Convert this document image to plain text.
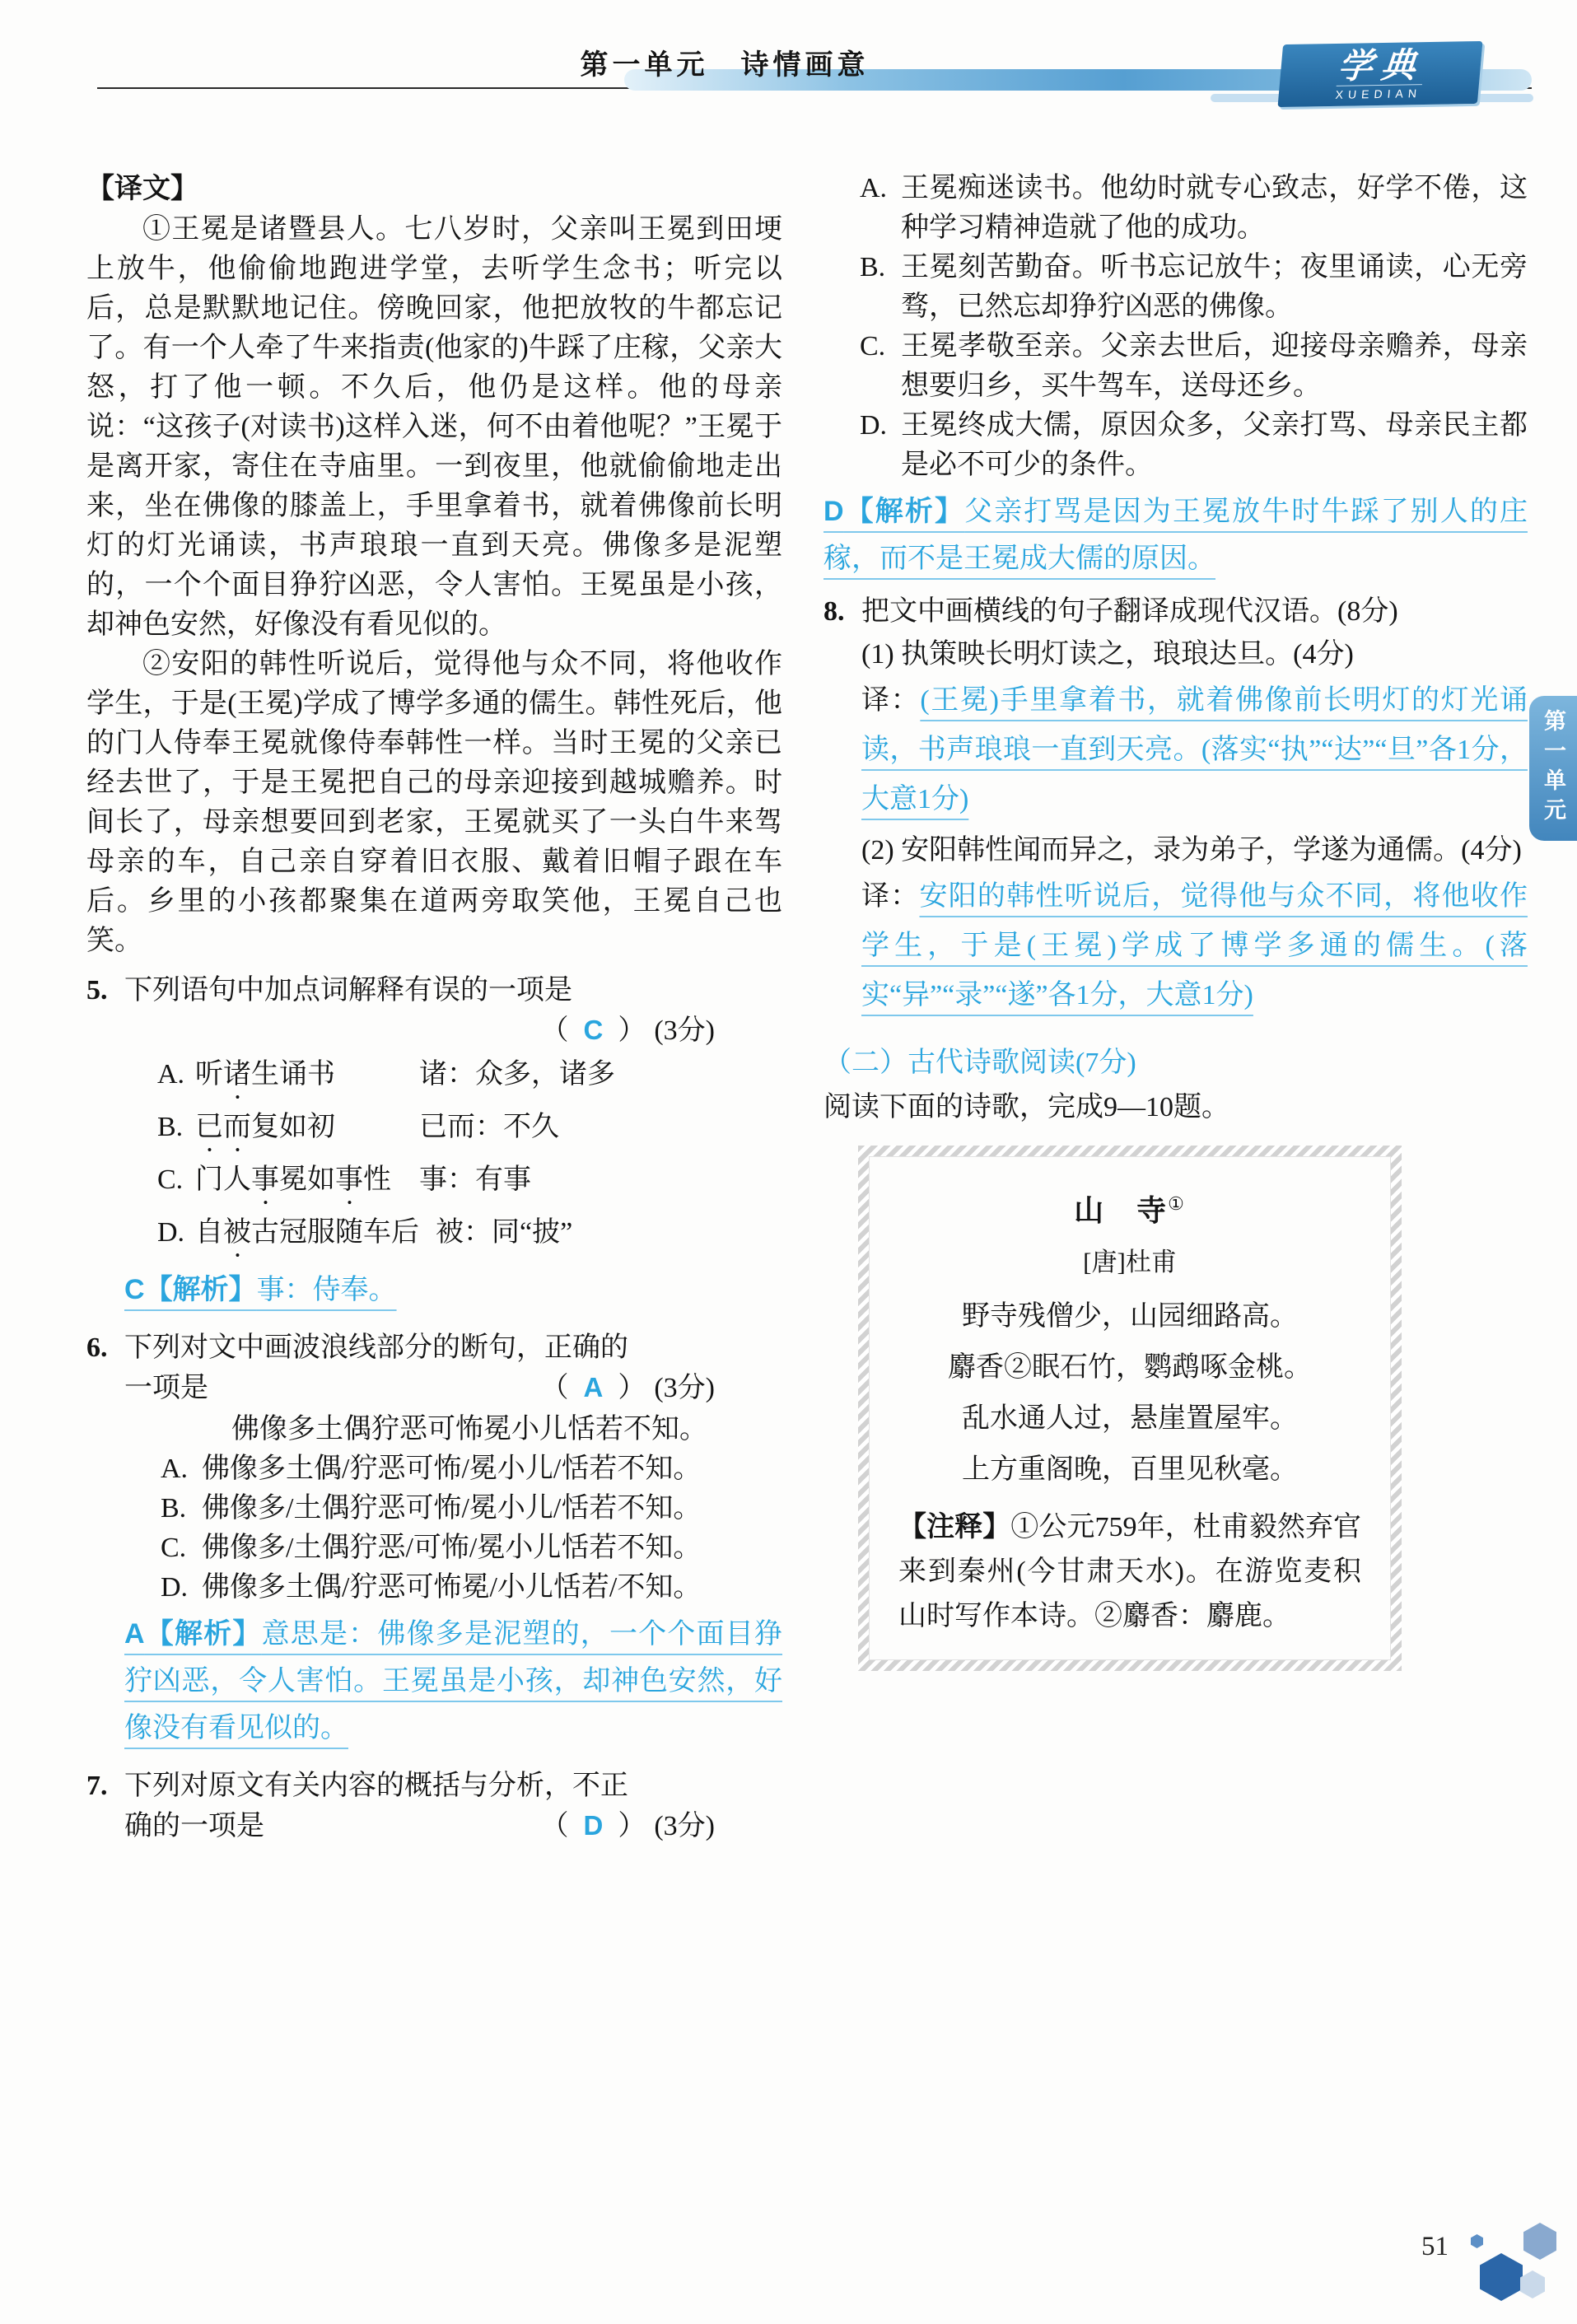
第一单元　诗情画意	学典
XUEDIAN
第一单元
【译文】

①王冕是诸暨县人。七八岁时，父亲叫王冕到田埂上放牛，他偷偷地跑进学堂，去听学生念书；听完以后，总是默默地记住。傍晚回家，他把放牧的牛都忘记了。有一个人牵了牛来指责(他家的)牛踩了庄稼，父亲大怒，打了他一顿。不久后，他仍是这样。他的母亲说：“这孩子(对读书)这样入迷，何不由着他呢？”王冕于是离开家，寄住在寺庙里。一到夜里，他就偷偷地走出来，坐在佛像的膝盖上，手里拿着书，就着佛像前长明灯的灯光诵读，书声琅琅一直到天亮。佛像多是泥塑的，一个个面目狰狞凶恶，令人害怕。王冕虽是小孩，却神色安然，好像没有看见似的。

②安阳的韩性听说后，觉得他与众不同，将他收作学生，于是(王冕)学成了博学多通的儒生。韩性死后，他的门人侍奉王冕就像侍奉韩性一样。当时王冕的父亲已经去世了，于是王冕把自己的母亲迎接到越城赡养。时间长了，母亲想要回到老家，王冕就买了一头白牛来驾母亲的车，自己亲自穿着旧衣服、戴着旧帽子跟在车后。乡里的小孩都聚集在道两旁取笑他，王冕自己也笑。

5. 下列语句中加点词解释有误的一项是
（ C ） (3分)
A. 听诸生诵书	诸：众多，诸多
B. 已而复如初	已而：不久
C. 门人事冕如事性	事：有事
D. 自被古冠服随车后 被：同“披”
C【解析】事：侍奉。
6. 下列对文中画波浪线部分的断句，正确的
一项是	（ A ） (3分)
佛像多土偶狞恶可怖冕小儿恬若不知。
A. 佛像多土偶/狞恶可怖/冕小儿/恬若不知。
B. 佛像多/土偶狞恶可怖/冕小儿/恬若不知。
C. 佛像多/土偶狞恶/可怖/冕小儿恬若不知。
D. 佛像多土偶/狞恶可怖冕/小儿恬若/不知。
A【解析】意思是：佛像多是泥塑的，一个个面目狰狞凶恶，令人害怕。王冕虽是小孩，却神色安然，好像没有看见似的。
7. 下列对原文有关内容的概括与分析，不正
确的一项是	（ D ） (3分)
A. 王冕痴迷读书。他幼时就专心致志，好学不倦，这种学习精神造就了他的成功。
B. 王冕刻苦勤奋。听书忘记放牛；夜里诵读，心无旁骛，已然忘却狰狞凶恶的佛像。
C. 王冕孝敬至亲。父亲去世后，迎接母亲赡养，母亲想要归乡，买牛驾车，送母还乡。
D. 王冕终成大儒，原因众多，父亲打骂、母亲民主都是必不可少的条件。
D【解析】父亲打骂是因为王冕放牛时牛踩了别人的庄稼，而不是王冕成大儒的原因。
8. 把文中画横线的句子翻译成现代汉语。(8分)
(1) 执策映长明灯读之，琅琅达旦。(4分)
译：(王冕)手里拿着书，就着佛像前长明灯的灯光诵读，书声琅琅一直到天亮。(落实“执”“达”“旦”各1分，大意1分)
(2) 安阳韩性闻而异之，录为弟子，学遂为通儒。(4分)
译：安阳的韩性听说后，觉得他与众不同，将他收作学生，于是(王冕)学成了博学多通的儒生。(落实“异”“录”“遂”各1分，大意1分)
（二）古代诗歌阅读(7分)
阅读下面的诗歌，完成9—10题。
山　寺①
[唐]杜甫
野寺残僧少，山园细路高。
麝香②眠石竹，鹦鹉啄金桃。
乱水通人过，悬崖置屋牢。
上方重阁晚，百里见秋毫。

【注释】①公元759年，杜甫毅然弃官来到秦州(今甘肃天水)。在游览麦积山时写作本诗。②麝香：麝鹿。

51
